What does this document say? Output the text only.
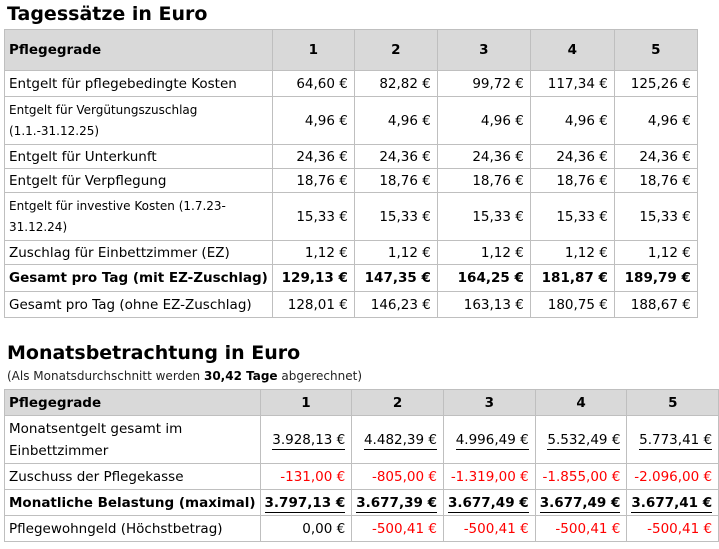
Tagessätze in Euro
Pflegegrade	1	2	3	4	5
Entgelt für pflegebedingte Kosten	64,60 €	82,82 €	99,72 €	117,34 €	125,26 €
Entgelt für Vergütungszuschlag (1.1.-31.12.25)	4,96 €	4,96 €	4,96 €	4,96 €	4,96 €
Entgelt für Unterkunft	24,36 €	24,36 €	24,36 €	24,36 €	24,36 €
Entgelt für Verpflegung	18,76 €	18,76 €	18,76 €	18,76 €	18,76 €
Entgelt für investive Kosten (1.7.23-31.12.24)	15,33 €	15,33 €	15,33 €	15,33 €	15,33 €
Zuschlag für Einbettzimmer (EZ)	1,12 €	1,12 €	1,12 €	1,12 €	1,12 €
Gesamt pro Tag (mit EZ-Zuschlag)	129,13 €	147,35 €	164,25 €	181,87 €	189,79 €
Gesamt pro Tag (ohne EZ-Zuschlag)	128,01 €	146,23 €	163,13 €	180,75 €	188,67 €
Monatsbetrachtung in Euro
(Als Monatsdurchschnitt werden 30,42 Tage abgerechnet)
Pflegegrade	1	2	3	4	5
Monatsentgelt gesamt im Einbettzimmer	3.928,13 €	4.482,39 €	4.996,49 €	5.532,49 €	5.773,41 €
Zuschuss der Pflegekasse	-131,00 €	-805,00 €	-1.319,00 €	-1.855,00 €	-2.096,00 €
Monatliche Belastung (maximal)	3.797,13 €	3.677,39 €	3.677,49 €	3.677,49 €	3.677,41 €
Pflegewohngeld (Höchstbetrag)	0,00 €	-500,41 €	-500,41 €	-500,41 €	-500,41 €
